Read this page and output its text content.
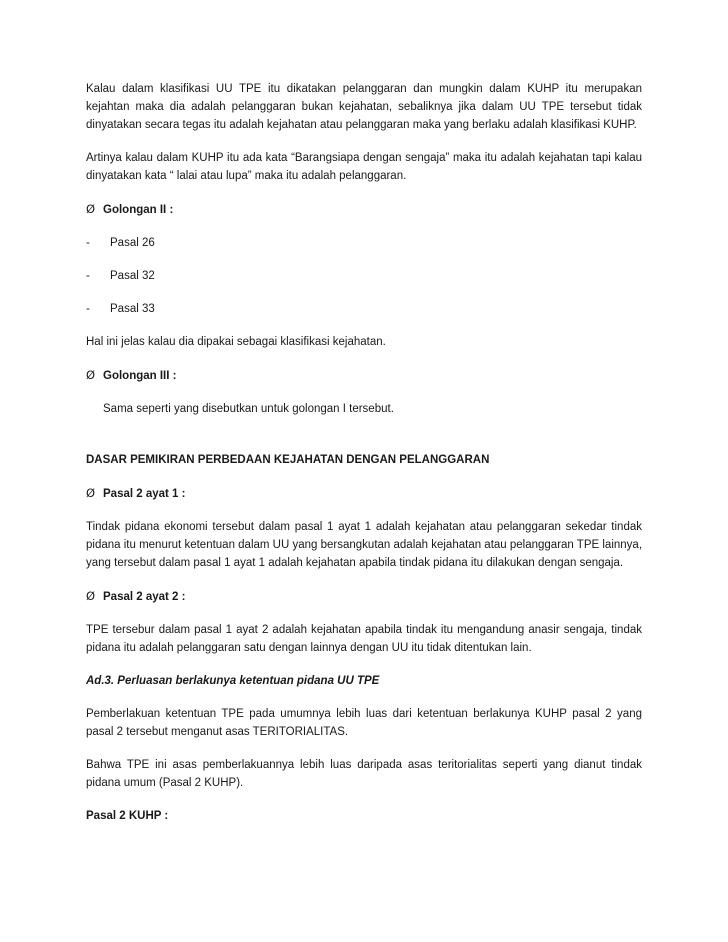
Kalau dalam klasifikasi UU TPE itu dikatakan pelanggaran dan mungkin dalam KUHP itu merupakan kejahtan maka dia adalah pelanggaran bukan kejahatan, sebaliknya jika dalam UU TPE tersebut tidak dinyatakan secara tegas itu adalah kejahatan atau pelanggaran maka yang berlaku adalah klasifikasi KUHP.

Artinya kalau dalam KUHP itu ada kata “Barangsiapa dengan sengaja” maka itu adalah kejahatan tapi kalau dinyatakan kata “ lalai atau lupa” maka itu adalah pelanggaran.

Ø Golongan II :
-	Pasal 26
-	Pasal 32
-	Pasal 33

Hal ini jelas kalau dia dipakai sebagai klasifikasi kejahatan.

Ø Golongan III :

Sama seperti yang disebutkan untuk golongan I tersebut.

DASAR PEMIKIRAN PERBEDAAN KEJAHATAN DENGAN PELANGGARAN

Ø Pasal 2 ayat 1 :

Tindak pidana ekonomi tersebut dalam pasal 1 ayat 1 adalah kejahatan atau pelanggaran sekedar tindak pidana itu menurut ketentuan dalam UU yang bersangkutan adalah kejahatan atau pelanggaran TPE lainnya, yang tersebut dalam pasal 1 ayat 1 adalah kejahatan apabila tindak pidana itu dilakukan dengan sengaja.

Ø Pasal 2 ayat 2 :

TPE tersebur dalam pasal 1 ayat 2 adalah kejahatan apabila tindak itu mengandung anasir sengaja, tindak pidana itu adalah pelanggaran satu dengan lainnya dengan UU itu tidak ditentukan lain.

Ad.3. Perluasan berlakunya ketentuan pidana UU TPE

Pemberlakuan ketentuan TPE pada umumnya lebih luas dari ketentuan berlakunya KUHP pasal 2 yang pasal 2 tersebut menganut asas TERITORIALITAS.

Bahwa TPE ini asas pemberlakuannya lebih luas daripada asas teritorialitas seperti yang dianut tindak pidana umum (Pasal 2 KUHP).

Pasal 2 KUHP :
